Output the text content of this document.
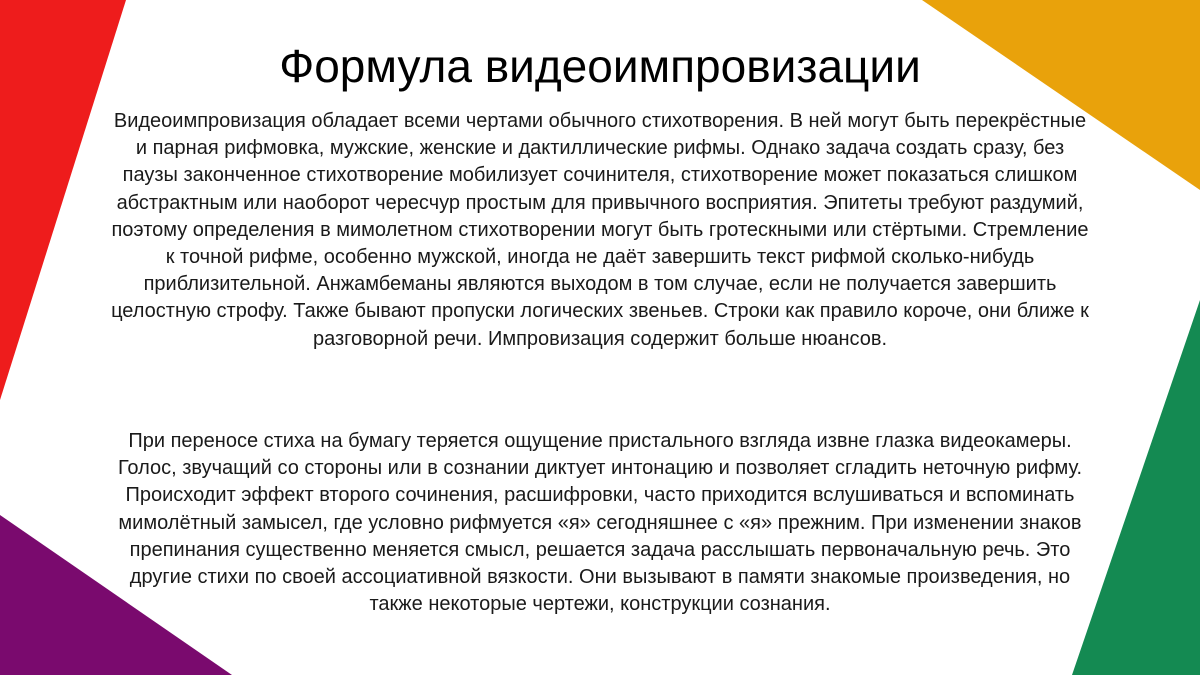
Формула видеоимпровизации

Видеоимпровизация обладает всеми чертами обычного стихотворения. В ней могут быть перекрёстные и парная рифмовка, мужские, женские и дактиллические рифмы. Однако задача создать сразу, без паузы законченное стихотворение мобилизует сочинителя, стихотворение может показаться слишком абстрактным или наоборот чересчур простым для привычного восприятия. Эпитеты требуют раздумий, поэтому определения в мимолетном стихотворении могут быть гротескными или стёртыми. Стремление к точной рифме, особенно мужской, иногда не даёт завершить текст рифмой сколько-нибудь приблизительной. Анжамбеманы являются выходом в том случае, если не получается завершить целостную строфу. Также бывают пропуски логических звеньев. Строки как правило короче, они ближе к разговорной речи. Импровизация содержит больше нюансов.

При переносе стиха на бумагу теряется ощущение пристального взгляда извне глазка видеокамеры. Голос, звучащий со стороны или в сознании диктует интонацию и позволяет сгладить неточную рифму. Происходит эффект второго сочинения, расшифровки, часто приходится вслушиваться и вспоминать мимолётный замысел, где условно рифмуется «я» сегодняшнее с «я» прежним. При изменении знаков препинания существенно меняется смысл, решается задача расслышать первоначальную речь. Это другие стихи по своей ассоциативной вязкости. Они вызывают в памяти знакомые произведения, но также некоторые чертежи, конструкции сознания.
